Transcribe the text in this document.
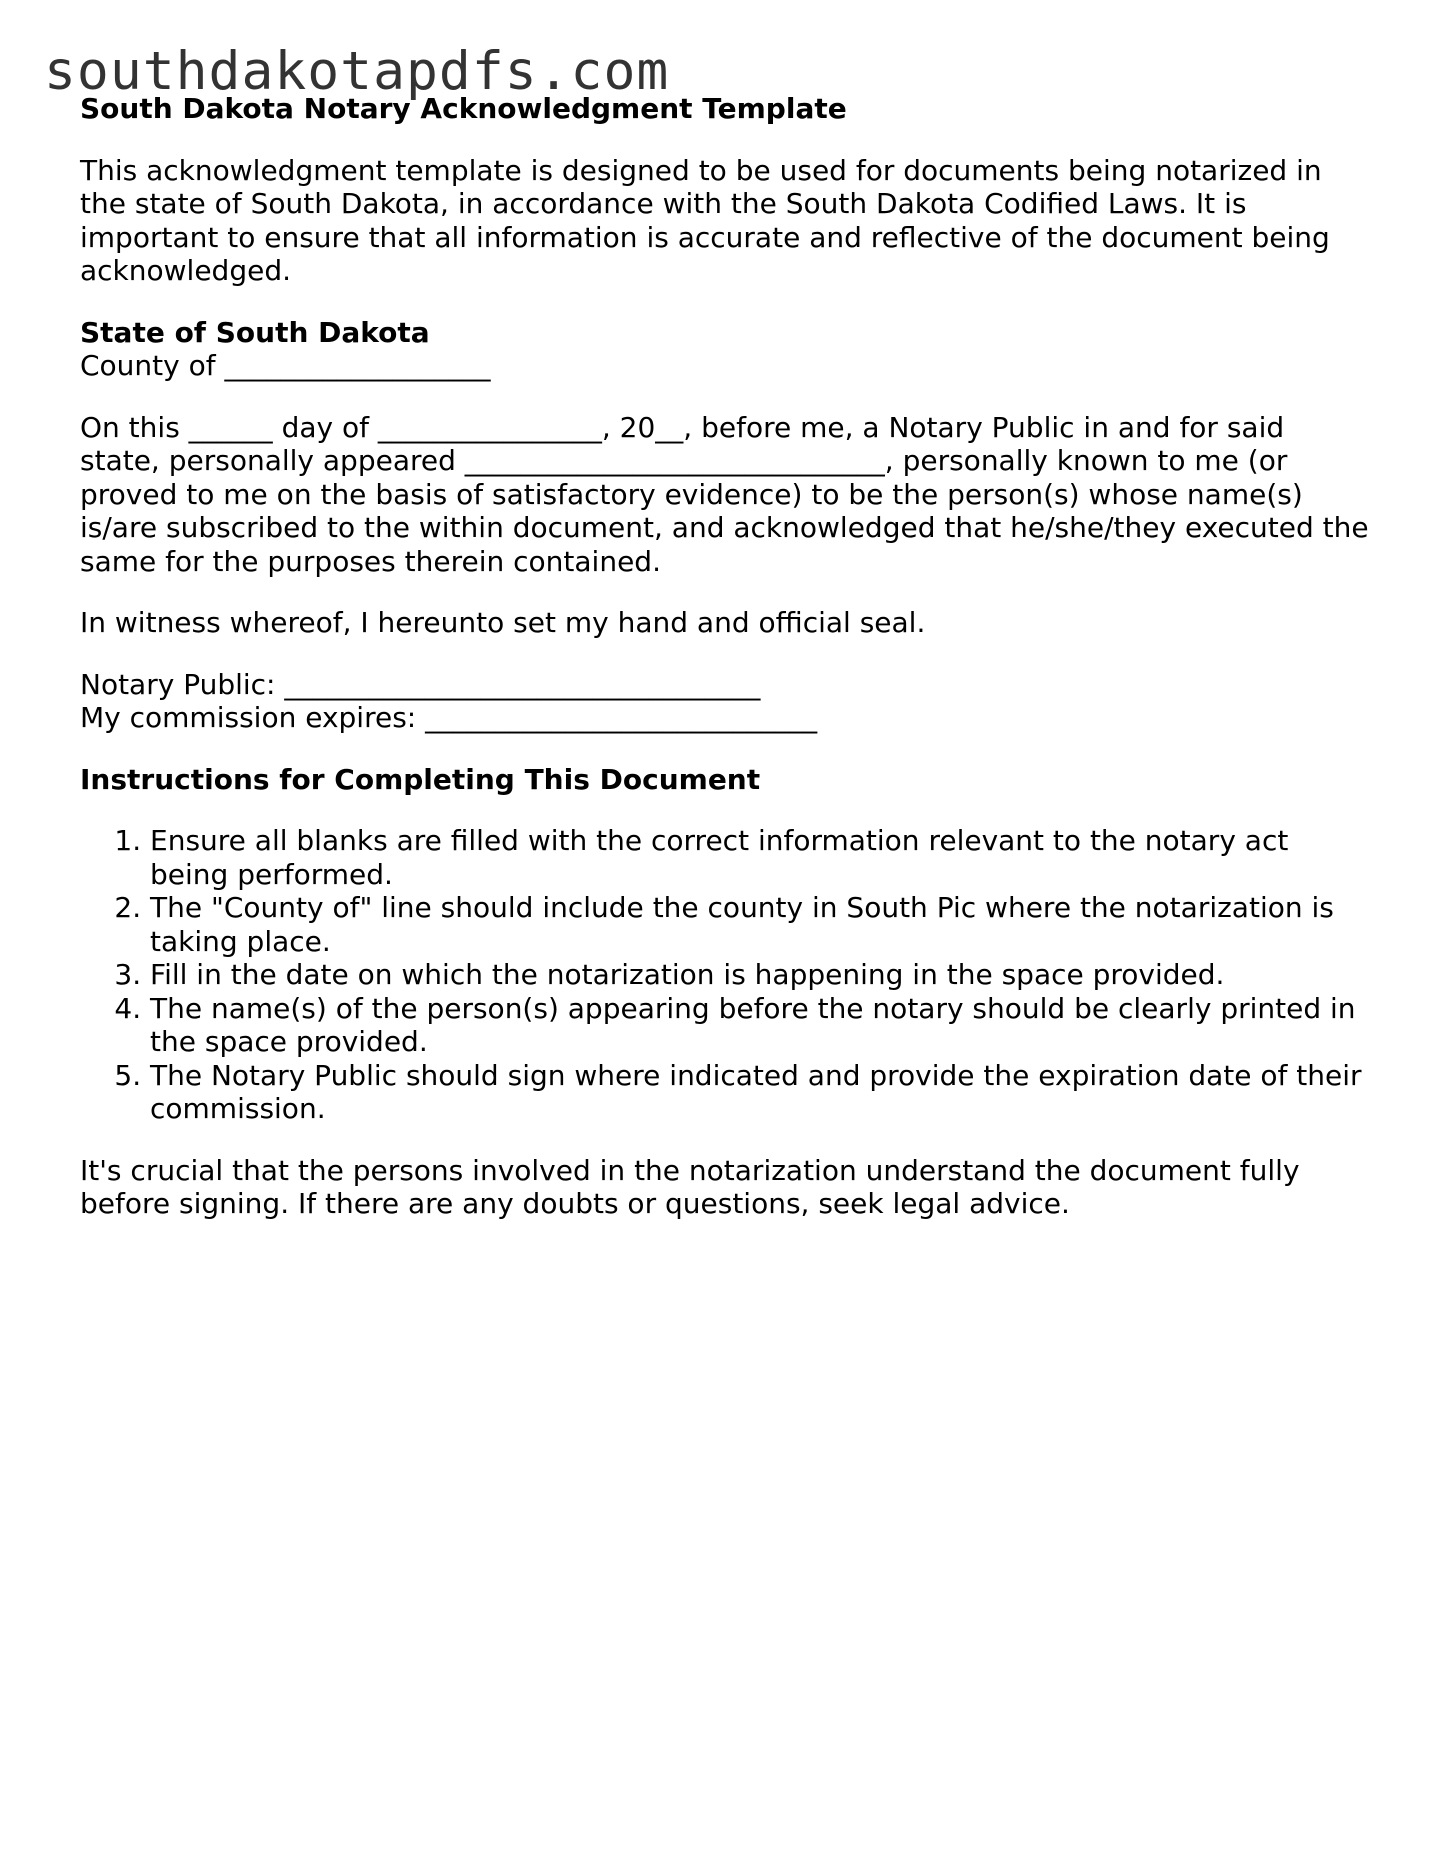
southdakotapdfs.com
South Dakota Notary Acknowledgment Template

This acknowledgment template is designed to be used for documents being notarized in the state of South Dakota, in accordance with the South Dakota Codified Laws. It is important to ensure that all information is accurate and reflective of the document being acknowledged.

State of South Dakota
County of ___________________

On this ______ day of ________________, 20__, before me, a Notary Public in and for said state, personally appeared ______________________________, personally known to me (or proved to me on the basis of satisfactory evidence) to be the person(s) whose name(s) is/are subscribed to the within document, and acknowledged that he/she/they executed the same for the purposes therein contained.

In witness whereof, I hereunto set my hand and official seal.

Notary Public: __________________________________
My commission expires: ____________________________

Instructions for Completing This Document
1. Ensure all blanks are filled with the correct information relevant to the notary act being performed.
2. The "County of" line should include the county in South Pic where the notarization is taking place.
3. Fill in the date on which the notarization is happening in the space provided.
4. The name(s) of the person(s) appearing before the notary should be clearly printed in the space provided.
5. The Notary Public should sign where indicated and provide the expiration date of their commission.

It's crucial that the persons involved in the notarization understand the document fully before signing. If there are any doubts or questions, seek legal advice.
